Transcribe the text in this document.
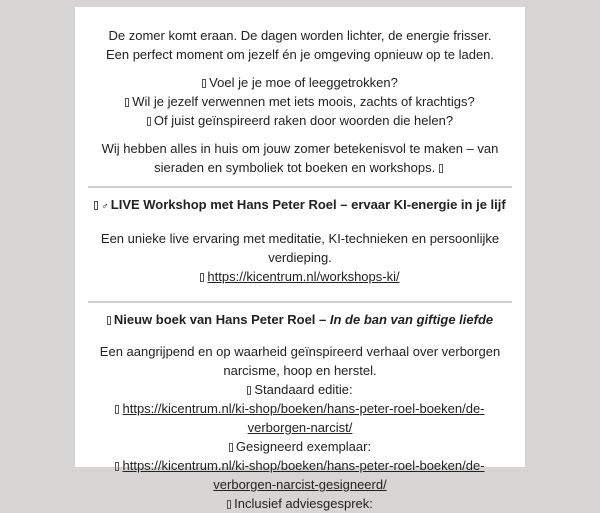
De zomer komt eraan. De dagen worden lichter, de energie frisser.
Een perfect moment om jezelf én je omgeving opnieuw op te laden.

Voel je je moe of leeggetrokken?
Wil je jezelf verwennen met iets moois, zachts of krachtigs?
Of juist geïnspireerd raken door woorden die helen?

Wij hebben alles in huis om jouw zomer betekenisvol te maken – van sieraden en symboliek tot boeken en workshops.

♂ LIVE Workshop met Hans Peter Roel – ervaar KI-energie in je lijf

Een unieke live ervaring met meditatie, KI-technieken en persoonlijke verdieping.
https://kicentrum.nl/workshops-ki/

Nieuw boek van Hans Peter Roel – In de ban van giftige liefde

Een aangrijpend en op waarheid geïnspireerd verhaal over verborgen narcisme, hoop en herstel.
Standaard editie:
https://kicentrum.nl/ki-shop/boeken/hans-peter-roel-boeken/de-verborgen-narcist/
Gesigneerd exemplaar:
https://kicentrum.nl/ki-shop/boeken/hans-peter-roel-boeken/de-verborgen-narcist-gesigneerd/
Inclusief adviesgesprek:
